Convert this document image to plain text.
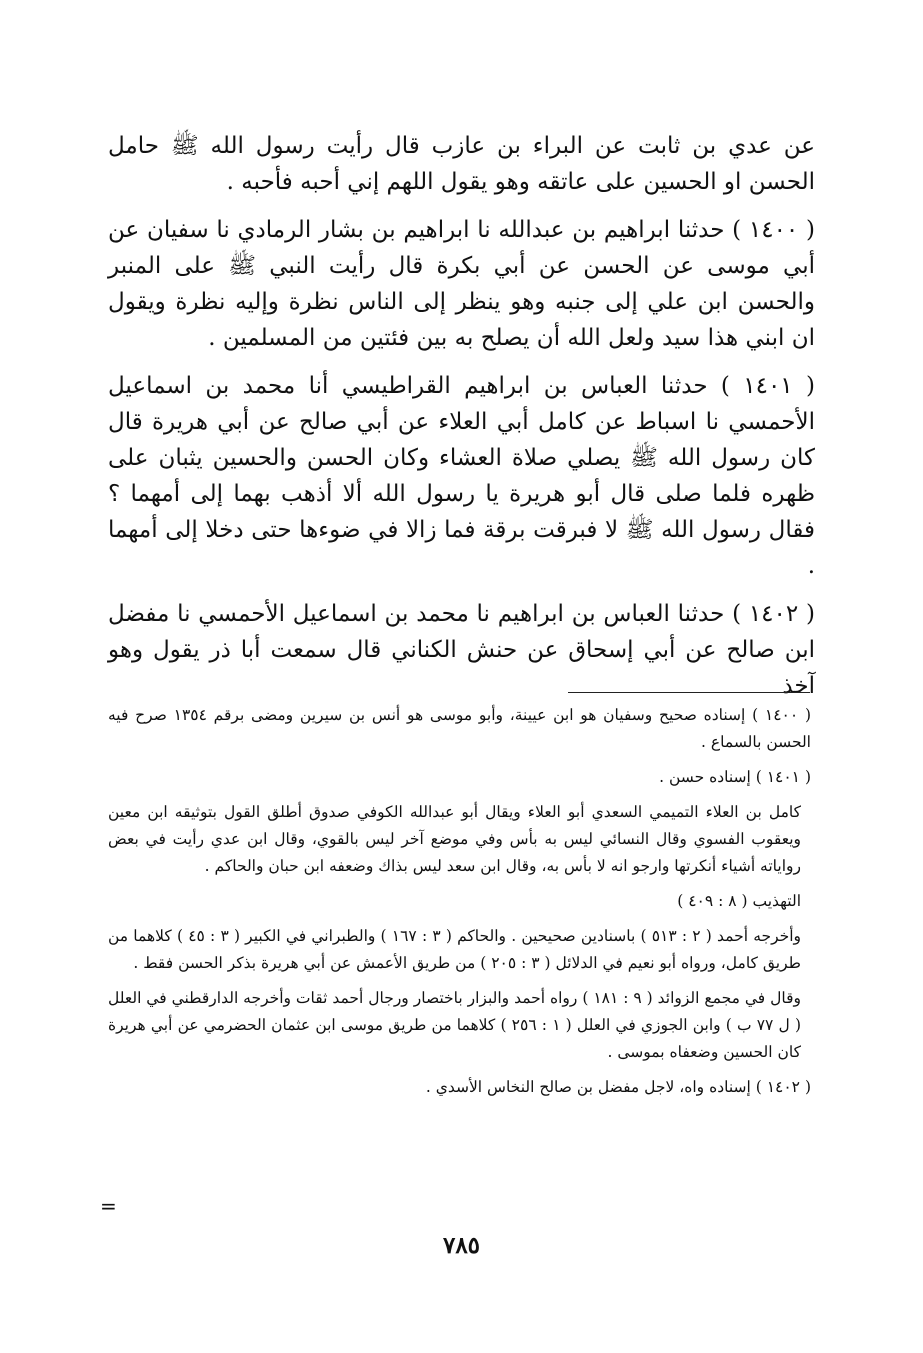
عن عدي بن ثابت عن البراء بن عازب قال رأيت رسول الله ﷺ حامل الحسن او الحسين على عاتقه وهو يقول اللهم إني أحبه فأحبه .

( ١٤٠٠ ) حدثنا ابراهيم بن عبدالله نا ابراهيم بن بشار الرمادي نا سفيان عن أبي موسى عن الحسن عن أبي بكرة قال رأيت النبي ﷺ على المنبر والحسن ابن علي إلى جنبه وهو ينظر إلى الناس نظرة وإليه نظرة ويقول ان ابني هذا سيد ولعل الله أن يصلح به بين فئتين من المسلمين .

( ١٤٠١ ) حدثنا العباس بن ابراهيم القراطيسي أنا محمد بن اسماعيل الأحمسي نا اسباط عن كامل أبي العلاء عن أبي صالح عن أبي هريرة قال كان رسول الله ﷺ يصلي صلاة العشاء وكان الحسن والحسين يثبان على ظهره فلما صلى قال أبو هريرة يا رسول الله ألا أذهب بهما إلى أمهما ؟ فقال رسول الله ﷺ لا فبرقت برقة فما زالا في ضوءها حتى دخلا إلى أمهما .

( ١٤٠٢ ) حدثنا العباس بن ابراهيم نا محمد بن اسماعيل الأحمسي نا مفضل ابن صالح عن أبي إسحاق عن حنش الكناني قال سمعت أبا ذر يقول وهو آخذ

( ١٤٠٠ ) إسناده صحيح وسفيان هو ابن عيينة، وأبو موسى هو أنس بن سيرين ومضى برقم ١٣٥٤ صرح فيه الحسن بالسماع .

( ١٤٠١ ) إسناده حسن .

كامل بن العلاء التميمي السعدي أبو العلاء ويقال أبو عبدالله الكوفي صدوق أطلق القول بتوثيقه ابن معين ويعقوب الفسوي وقال النسائي ليس به بأس وفي موضع آخر ليس بالقوي، وقال ابن عدي رأيت في بعض رواياته أشياء أنكرتها وارجو انه لا بأس به، وقال ابن سعد ليس بذاك وضعفه ابن حبان والحاكم .

التهذيب ( ٨ : ٤٠٩ )

وأخرجه أحمد ( ٢ : ٥١٣ ) باسنادين صحيحين . والحاكم ( ٣ : ١٦٧ ) والطبراني في الكبير ( ٣ : ٤٥ ) كلاهما من طريق كامل، ورواه أبو نعيم في الدلائل ( ٣ : ٢٠٥ ) من طريق الأعمش عن أبي هريرة بذكر الحسن فقط .

وقال في مجمع الزوائد ( ٩ : ١٨١ ) رواه أحمد والبزار باختصار ورجال أحمد ثقات وأخرجه الدارقطني في العلل ( ل ٧٧ ب ) وابن الجوزي في العلل ( ١ : ٢٥٦ ) كلاهما من طريق موسى ابن عثمان الحضرمي عن أبي هريرة كان الحسين وضعفاه بموسى .

( ١٤٠٢ ) إسناده واه، لاجل مفضل بن صالح النخاس الأسدي .

=
٧٨٥
